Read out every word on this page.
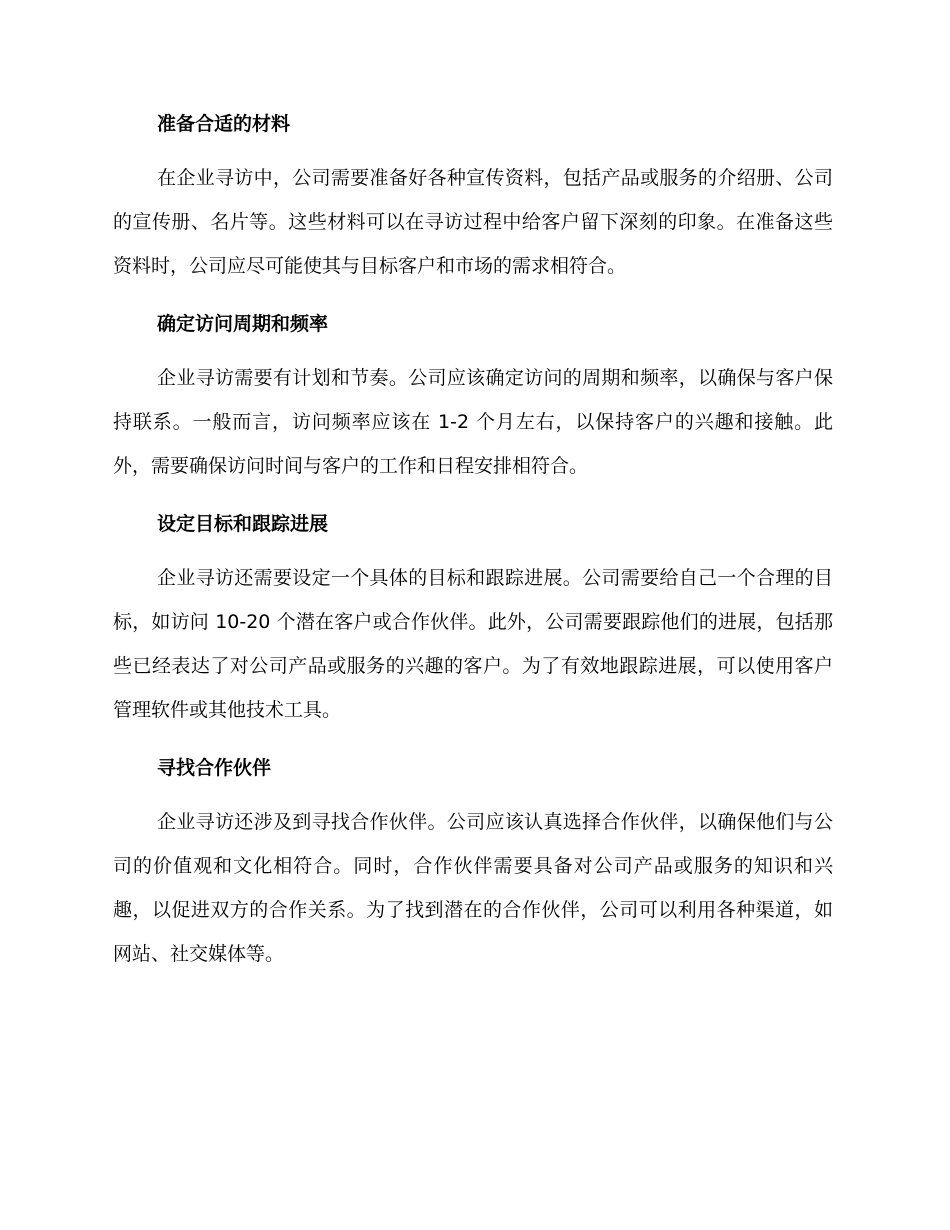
准备合适的材料

在企业寻访中，公司需要准备好各种宣传资料，包括产品或服务的介绍册、公司的宣传册、名片等。这些材料可以在寻访过程中给客户留下深刻的印象。在准备这些资料时，公司应尽可能使其与目标客户和市场的需求相符合。

确定访问周期和频率

企业寻访需要有计划和节奏。公司应该确定访问的周期和频率，以确保与客户保持联系。一般而言，访问频率应该在 1-2 个月左右，以保持客户的兴趣和接触。此外，需要确保访问时间与客户的工作和日程安排相符合。

设定目标和跟踪进展

企业寻访还需要设定一个具体的目标和跟踪进展。公司需要给自己一个合理的目标，如访问 10-20 个潜在客户或合作伙伴。此外，公司需要跟踪他们的进展，包括那些已经表达了对公司产品或服务的兴趣的客户。为了有效地跟踪进展，可以使用客户管理软件或其他技术工具。

寻找合作伙伴

企业寻访还涉及到寻找合作伙伴。公司应该认真选择合作伙伴，以确保他们与公司的价值观和文化相符合。同时，合作伙伴需要具备对公司产品或服务的知识和兴趣，以促进双方的合作关系。为了找到潜在的合作伙伴，公司可以利用各种渠道，如网站、社交媒体等。
